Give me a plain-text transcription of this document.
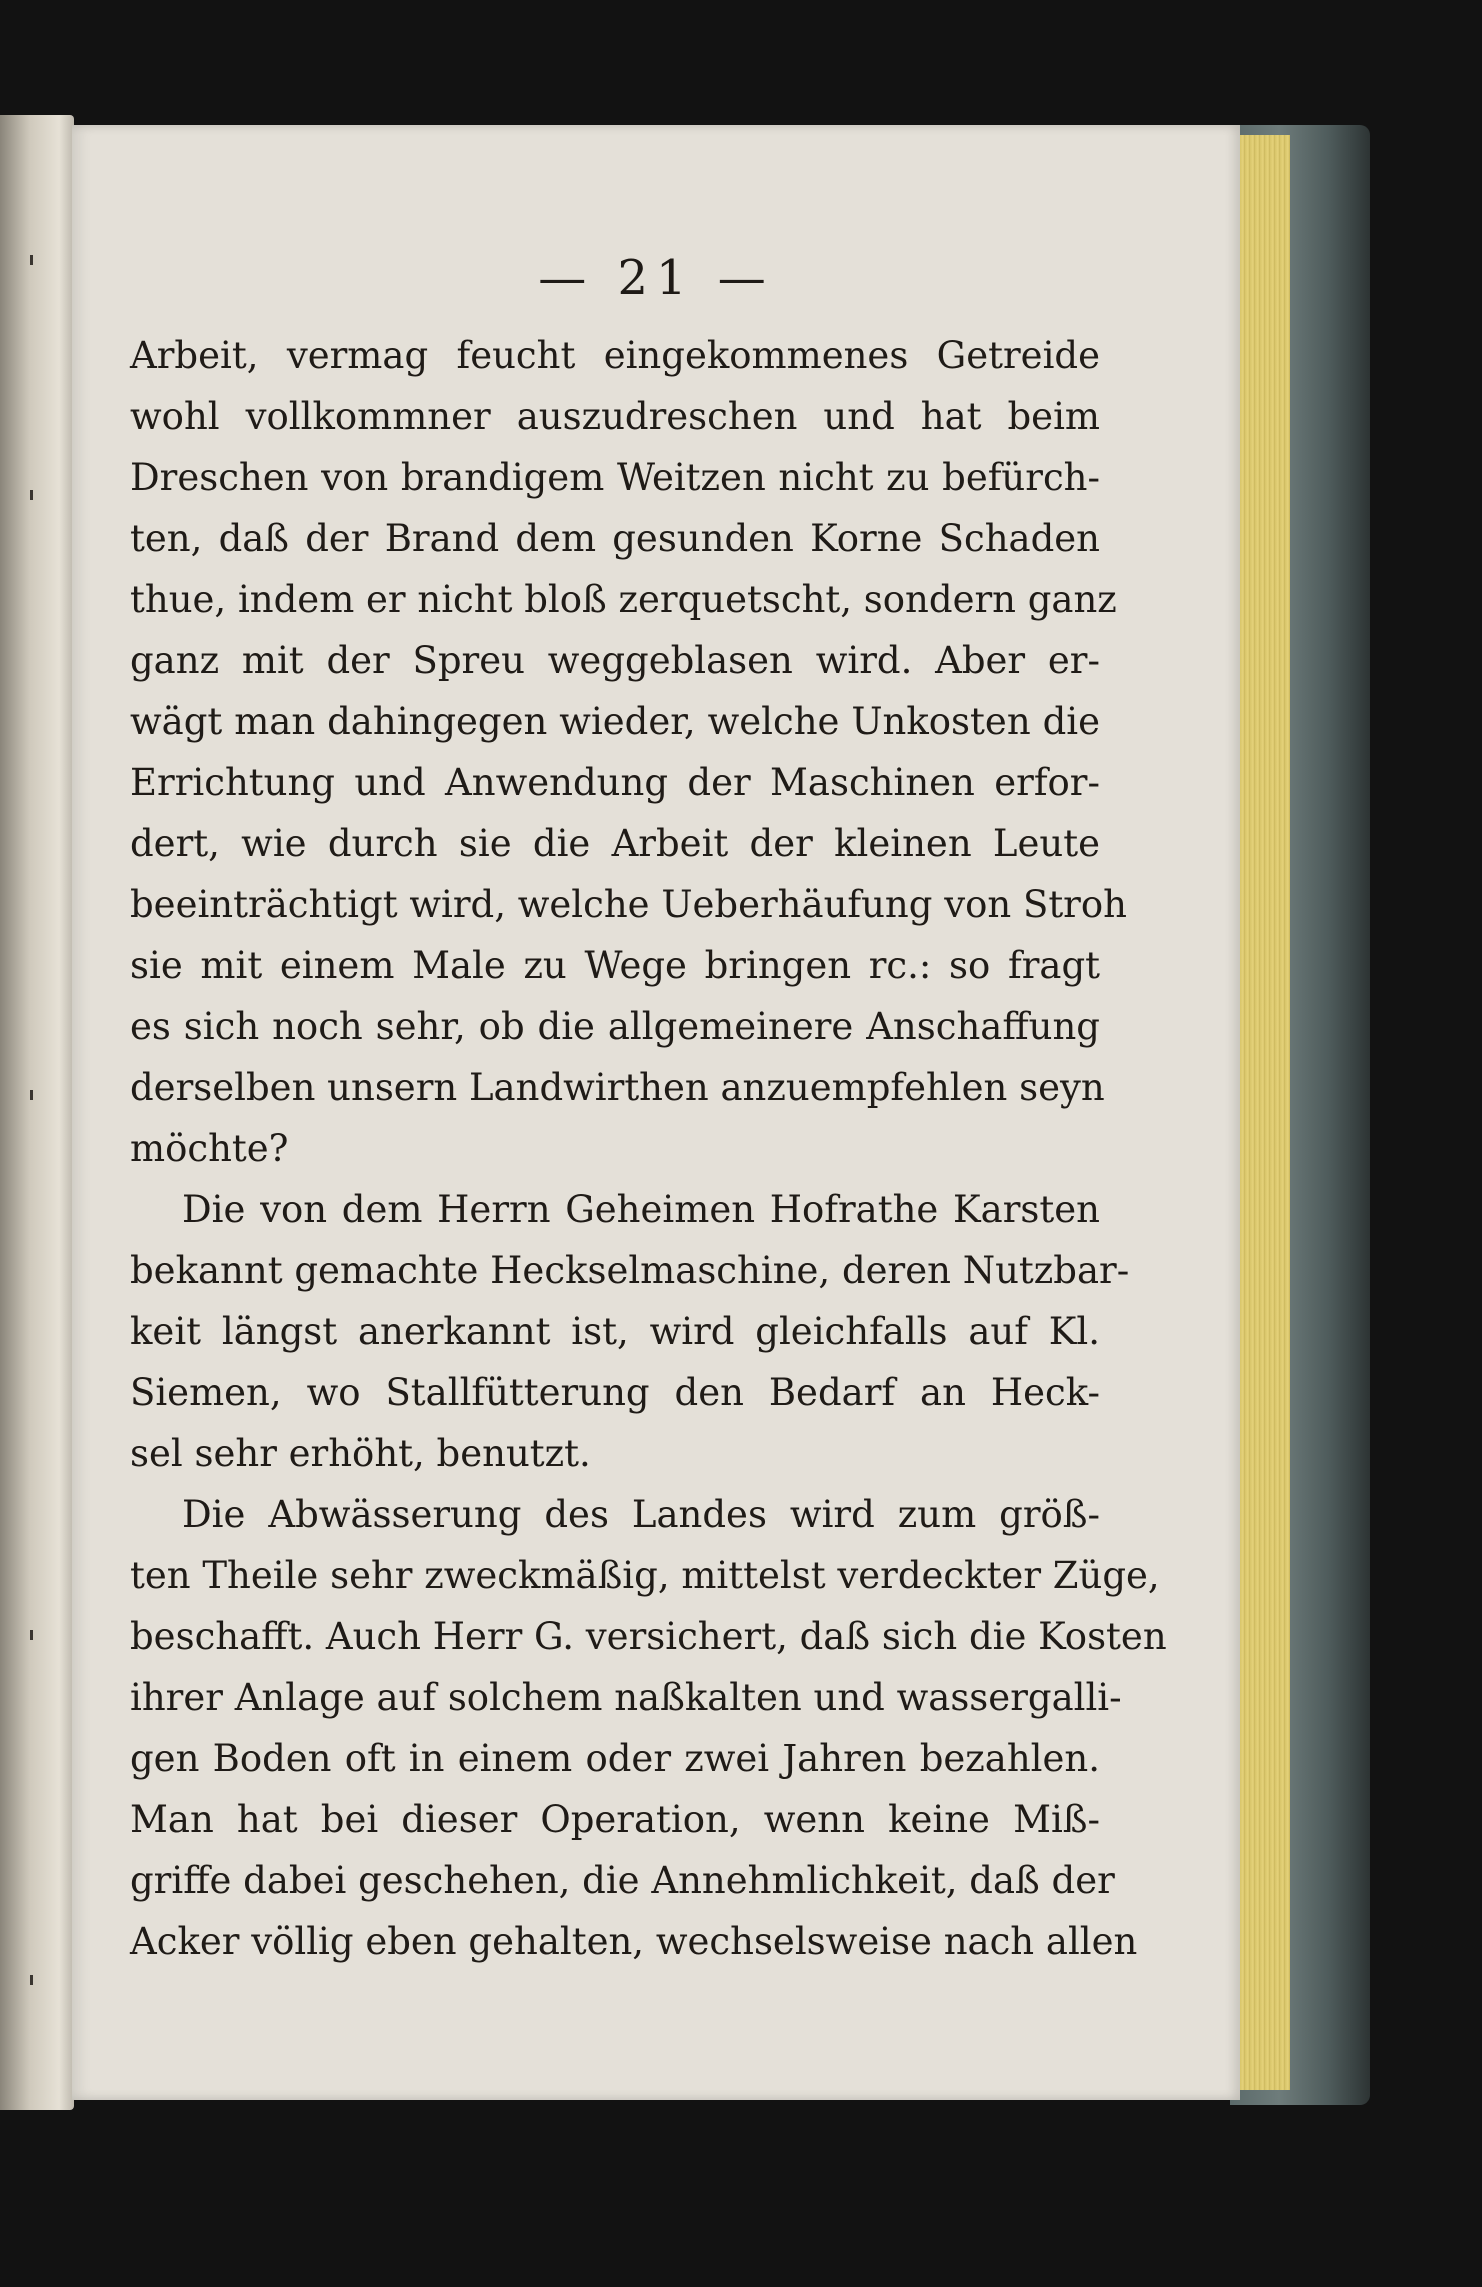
— 21 —
Arbeit, vermag feucht eingekommenes Getreide
wohl vollkommner auszudreschen und hat beim
Dreschen von brandigem Weitzen nicht zu befürch-
ten, daß der Brand dem gesunden Korne Schaden
thue, indem er nicht bloß zerquetscht, sondern ganz
ganz mit der Spreu weggeblasen wird. Aber er-
wägt man dahingegen wieder, welche Unkosten die
Errichtung und Anwendung der Maschinen erfor-
dert, wie durch sie die Arbeit der kleinen Leute
beeinträchtigt wird, welche Ueberhäufung von Stroh
sie mit einem Male zu Wege bringen rc.: so fragt
es sich noch sehr, ob die allgemeinere Anschaffung
derselben unsern Landwirthen anzuempfehlen seyn
möchte?
Die von dem Herrn Geheimen Hofrathe Karsten
bekannt gemachte Heckselmaschine, deren Nutzbar-
keit längst anerkannt ist, wird gleichfalls auf Kl.
Siemen, wo Stallfütterung den Bedarf an Heck-
sel sehr erhöht, benutzt.
Die Abwässerung des Landes wird zum größ-
ten Theile sehr zweckmäßig, mittelst verdeckter Züge,
beschafft. Auch Herr G. versichert, daß sich die Kosten
ihrer Anlage auf solchem naßkalten und wassergalli-
gen Boden oft in einem oder zwei Jahren bezahlen.
Man hat bei dieser Operation, wenn keine Miß-
griffe dabei geschehen, die Annehmlichkeit, daß der
Acker völlig eben gehalten, wechselsweise nach allen
